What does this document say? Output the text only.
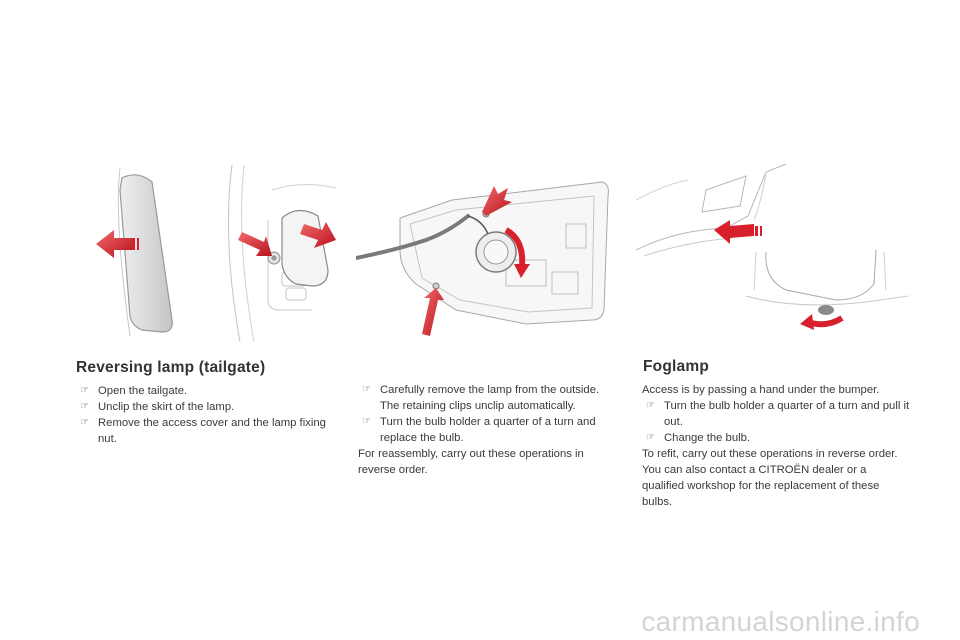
Reversing lamp (tailgate)
☞ Open the tailgate.
☞ Unclip the skirt of the lamp.
☞ Remove the access cover and the lamp fixing nut.
☞ Carefully remove the lamp from the outside. The retaining clips unclip automatically.
☞ Turn the bulb holder a quarter of a turn and replace the bulb.
For reassembly, carry out these operations in reverse order.
Foglamp
Access is by passing a hand under the bumper.
☞ Turn the bulb holder a quarter of a turn and pull it out.
☞ Change the bulb.
To refit, carry out these operations in reverse order.
You can also contact a CITROËN dealer or a qualified workshop for the replacement of these bulbs.
carmanualsonline.info
